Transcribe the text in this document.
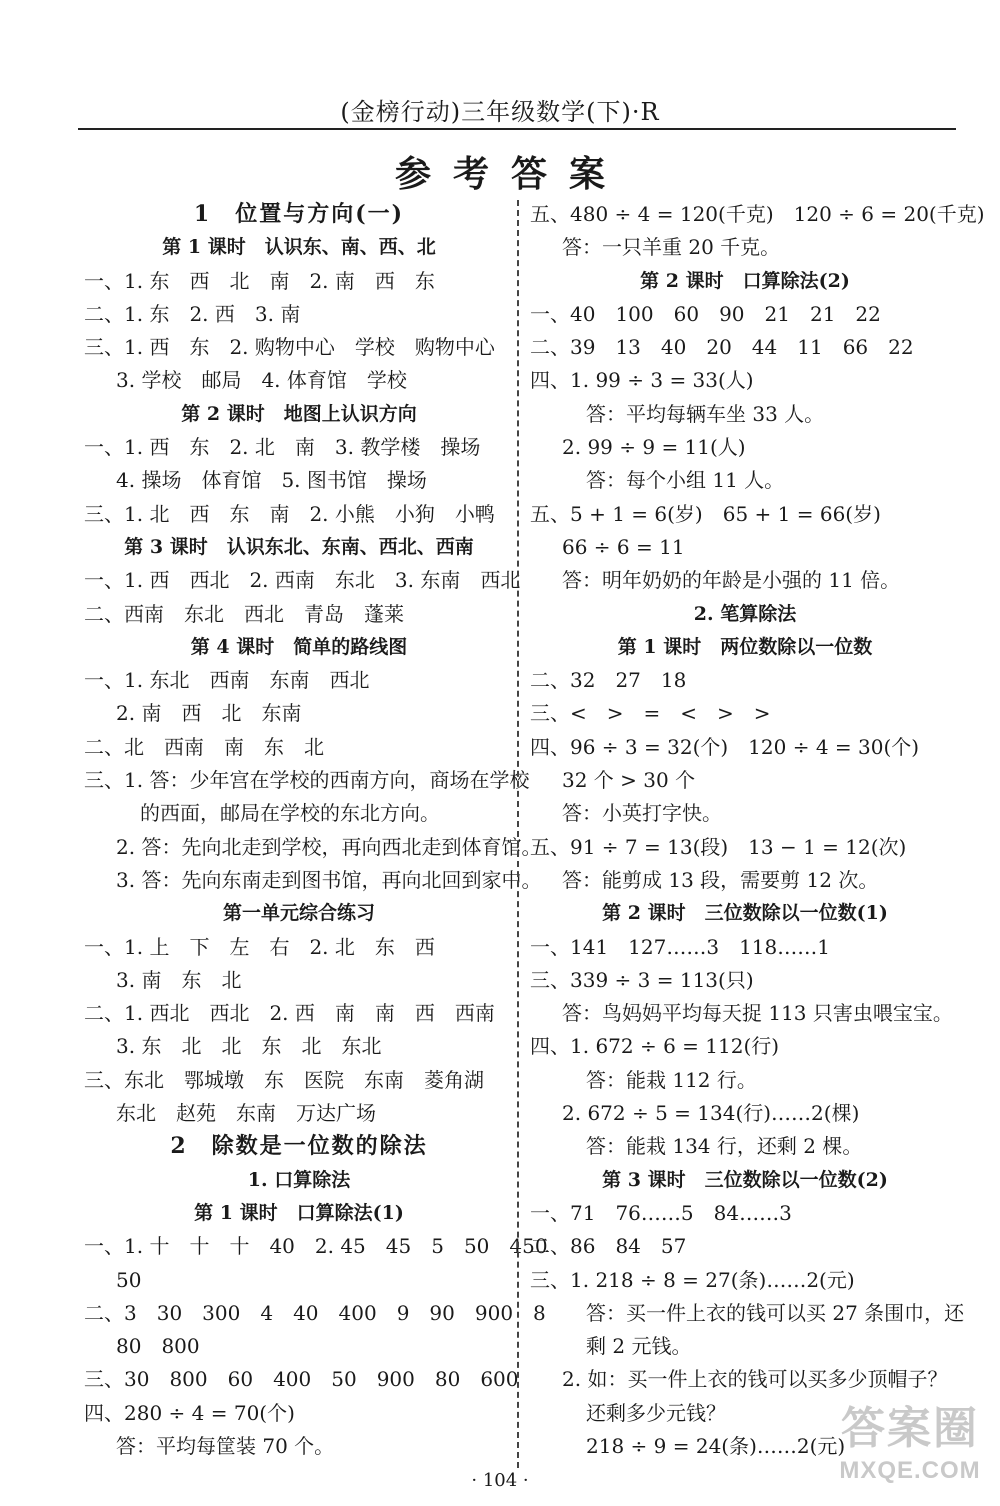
(金榜行动)三年级数学(下)·R
参考答案
1　位置与方向(一)
第 1 课时　认识东、南、西、北
一、1. 东　西　北　南　2. 南　西　东
二、1. 东　2. 西　3. 南
三、1. 西　东　2. 购物中心　学校　购物中心
3. 学校　邮局　4. 体育馆　学校
第 2 课时　地图上认识方向
一、1. 西　东　2. 北　南　3. 教学楼　操场
4. 操场　体育馆　5. 图书馆　操场
三、1. 北　西　东　南　2. 小熊　小狗　小鸭
第 3 课时　认识东北、东南、西北、西南
一、1. 西　西北　2. 西南　东北　3. 东南　西北
二、西南　东北　西北　青岛　蓬莱
第 4 课时　简单的路线图
一、1. 东北　西南　东南　西北
2. 南　西　北　东南
二、北　西南　南　东　北
三、1. 答：少年宫在学校的西南方向，商场在学校
的西面，邮局在学校的东北方向。
2. 答：先向北走到学校，再向西北走到体育馆。
3. 答：先向东南走到图书馆，再向北回到家中。
第一单元综合练习
一、1. 上　下　左　右　2. 北　东　西
3. 南　东　北
二、1. 西北　西北　2. 西　南　南　西　西南
3. 东　北　北　东　北　东北
三、东北　鄂城墩　东　医院　东南　菱角湖
东北　赵苑　东南　万达广场
2　除数是一位数的除法
1. 口算除法
第 1 课时　口算除法(1)
一、1. 十　十　十　40　2. 45　45　5　50　450
50
二、3　30　300　4　40　400　9　90　900　8
80　800
三、30　800　60　400　50　900　80　600
四、280 ÷ 4 = 70(个)
答：平均每筐装 70 个。
五、480 ÷ 4 = 120(千克)　120 ÷ 6 = 20(千克)
答：一只羊重 20 千克。
第 2 课时　口算除法(2)
一、40　100　60　90　21　21　22
二、39　13　40　20　44　11　66　22
四、1. 99 ÷ 3 = 33(人)
答：平均每辆车坐 33 人。
2. 99 ÷ 9 = 11(人)
答：每个小组 11 人。
五、5 + 1 = 6(岁)　65 + 1 = 66(岁)
66 ÷ 6 = 11
答：明年奶奶的年龄是小强的 11 倍。
2. 笔算除法
第 1 课时　两位数除以一位数
二、32　27　18
三、<　>　=　<　>　>
四、96 ÷ 3 = 32(个)　120 ÷ 4 = 30(个)
32 个 > 30 个
答：小英打字快。
五、91 ÷ 7 = 13(段)　13 − 1 = 12(次)
答：能剪成 13 段，需要剪 12 次。
第 2 课时　三位数除以一位数(1)
一、141　127……3　118……1
三、339 ÷ 3 = 113(只)
答：鸟妈妈平均每天捉 113 只害虫喂宝宝。
四、1. 672 ÷ 6 = 112(行)
答：能栽 112 行。
2. 672 ÷ 5 = 134(行)……2(棵)
答：能栽 134 行，还剩 2 棵。
第 3 课时　三位数除以一位数(2)
一、71　76……5　84……3
二、86　84　57
三、1. 218 ÷ 8 = 27(条)……2(元)
答：买一件上衣的钱可以买 27 条围巾，还
剩 2 元钱。
2. 如：买一件上衣的钱可以买多少顶帽子？
还剩多少元钱？
218 ÷ 9 = 24(条)……2(元)
· 104 ·
答案圈
MXQE.COM
